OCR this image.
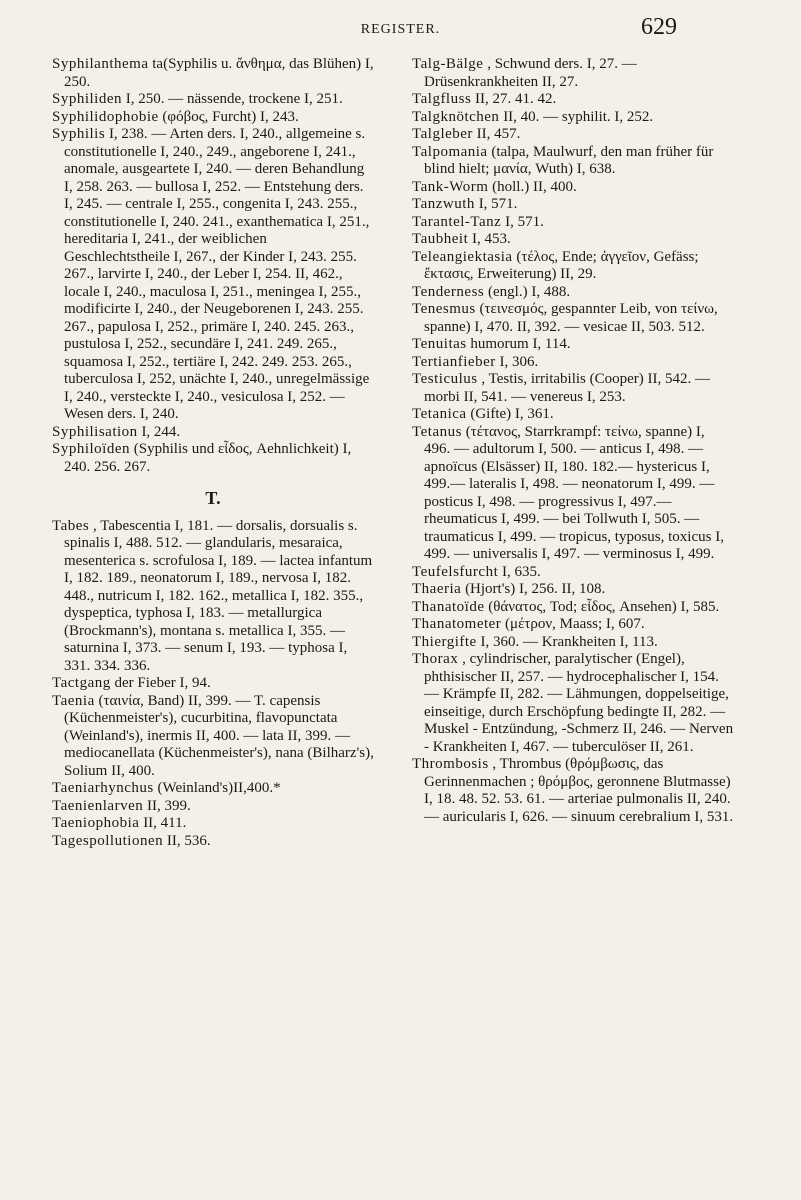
REGISTER.	629

Syphilanthema ta(Syphilis u. ἄνθημα, das Blühen) I, 250.

Syphiliden I, 250. — nässende, trockene I, 251.

Syphilidophobie (φόβος, Furcht) I, 243.

Syphilis I, 238. — Arten ders. I, 240., allgemeine s. constitutionelle I, 240., 249., angeborene I, 241., anomale, ausgeartete I, 240. — deren Behandlung I, 258. 263. — bullosa I, 252. — Entstehung ders. I, 245. — centrale I, 255., congenita I, 243. 255., constitutionelle I, 240. 241., exanthematica I, 251., hereditaria I, 241., der weiblichen Geschlechtstheile I, 267., der Kinder I, 243. 255. 267., larvirte I, 240., der Leber I, 254. II, 462., locale I, 240., maculosa I, 251., meningea I, 255., modificirte I, 240., der Neugeborenen I, 243. 255. 267., papulosa I, 252., primäre I, 240. 245. 263., pustulosa I, 252., secundäre I, 241. 249. 265., squamosa I, 252., tertiäre I, 242. 249. 253. 265., tuberculosa I, 252, unächte I, 240., unregelmässige I, 240., versteckte I, 240., vesiculosa I, 252. — Wesen ders. I, 240.

Syphilisation I, 244.

Syphiloïden (Syphilis und εἶδος, Aehnlichkeit) I, 240. 256. 267.

T.

Tabes , Tabescentia I, 181. — dorsalis, dorsualis s. spinalis I, 488. 512. — glandularis, mesaraica, mesenterica s. scrofulosa I, 189. — lactea infantum I, 182. 189., neonatorum I, 189., nervosa I, 182. 448., nutricum I, 182. 162., metallica I, 182. 355., dyspeptica, typhosa I, 183. — metallurgica (Brockmann's), montana s. metallica I, 355. — saturnina I, 373. — senum I, 193. — typhosa I, 331. 334. 336.

Tactgang der Fieber I, 94.

Taenia (ταινία, Band) II, 399. — T. capensis (Küchenmeister's), cucurbitina, flavopunctata (Weinland's), inermis II, 400. — lata II, 399. — mediocanellata (Küchenmeister's), nana (Bilharz's), Solium II, 400.

Taeniarhynchus (Weinland's)II,400.*

Taenienlarven II, 399.

Taeniophobia II, 411.

Tagespollutionen II, 536.

Talg-Bälge , Schwund ders. I, 27. — Drüsenkrankheiten II, 27.

Talgfluss II, 27. 41. 42.

Talgknötchen II, 40. — syphilit. I, 252.

Talgleber II, 457.

Talpomania (talpa, Maulwurf, den man früher für blind hielt; μανία, Wuth) I, 638.

Tank-Worm (holl.) II, 400.

Tanzwuth I, 571.

Tarantel-Tanz I, 571.

Taubheit I, 453.

Teleangiektasia (τέλος, Ende; ἀγγεῖον, Gefäss; ἔκτασις, Erweiterung) II, 29.

Tenderness (engl.) I, 488.

Tenesmus (τεινεσμός, gespannter Leib, von τείνω, spanne) I, 470. II, 392. — vesicae II, 503. 512.

Tenuitas humorum I, 114.

Tertianfieber I, 306.

Testiculus , Testis, irritabilis (Cooper) II, 542. — morbi II, 541. — venereus I, 253.

Tetanica (Gifte) I, 361.

Tetanus (τέτανος, Starrkrampf: τείνω, spanne) I, 496. — adultorum I, 500. — anticus I, 498. — apnoïcus (Elsässer) II, 180. 182.— hystericus I, 499.— lateralis I, 498. — neonatorum I, 499. — posticus I, 498. — progressivus I, 497.— rheumaticus I, 499. — bei Tollwuth I, 505. — traumaticus I, 499. — tropicus, typosus, toxicus I, 499. — universalis I, 497. — verminosus I, 499.

Teufelsfurcht I, 635.

Thaeria (Hjort's) I, 256. II, 108.

Thanatoïde (θάνατος, Tod; εἶδος, Ansehen) I, 585.

Thanatometer (μέτρον, Maass; I, 607.

Thiergifte I, 360. — Krankheiten I, 113.

Thorax , cylindrischer, paralytischer (Engel), phthisischer II, 257. — hydrocephalischer I, 154. — Krämpfe II, 282. — Lähmungen, doppelseitige, einseitige, durch Erschöpfung bedingte II, 282. — Muskel - Entzündung, -Schmerz II, 246. — Nerven - Krankheiten I, 467. — tuberculöser II, 261.

Thrombosis , Thrombus (θρόμβωσις, das Gerinnenmachen ; θρόμβος, geronnene Blutmasse) I, 18. 48. 52. 53. 61. — arteriae pulmonalis II, 240. — auricularis I, 626. — sinuum cerebralium I, 531.
